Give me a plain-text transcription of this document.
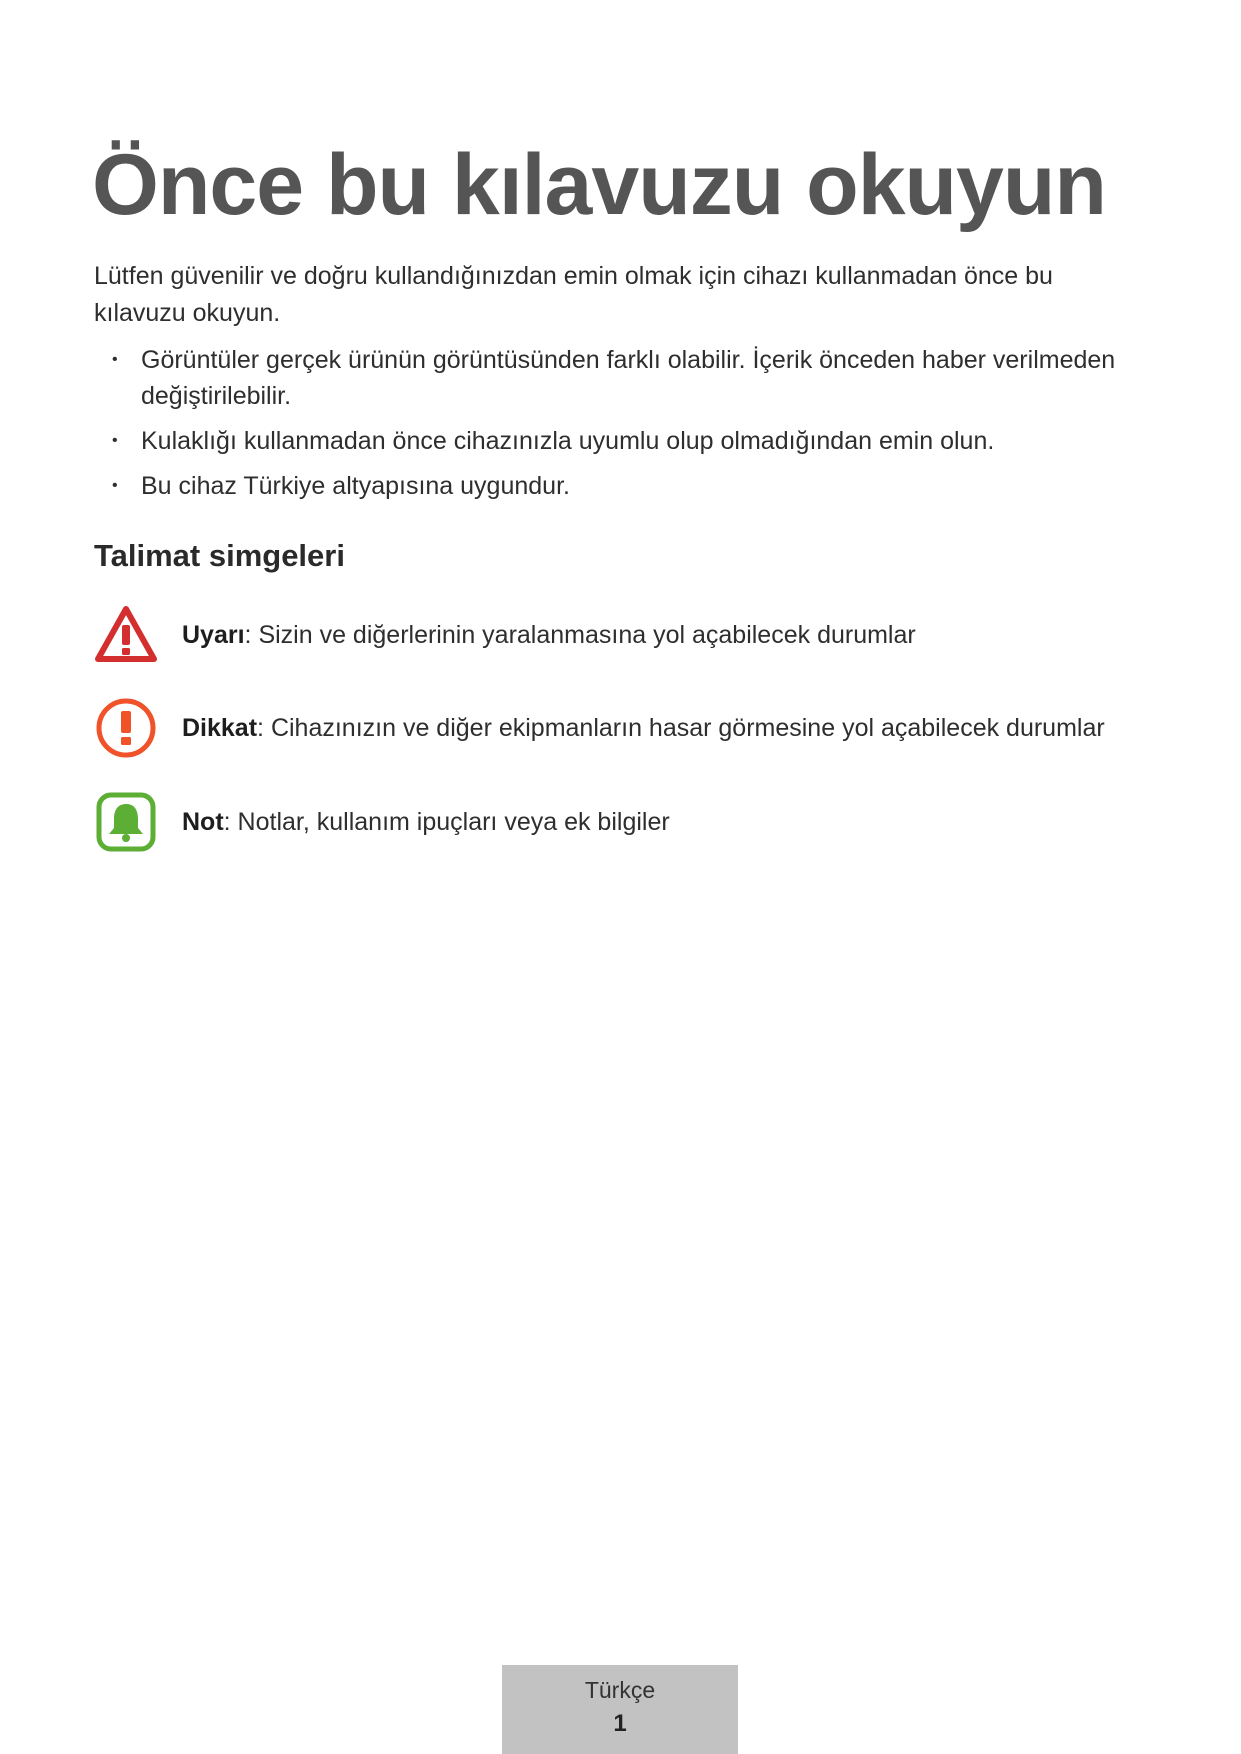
Önce bu kılavuzu okuyun

Lütfen güvenilir ve doğru kullandığınızdan emin olmak için cihazı kullanmadan önce bu kılavuzu okuyun.

• Görüntüler gerçek ürünün görüntüsünden farklı olabilir. İçerik önceden haber verilmeden değiştirilebilir.
• Kulaklığı kullanmadan önce cihazınızla uyumlu olup olmadığından emin olun.
• Bu cihaz Türkiye altyapısına uygundur.
Talimat simgeleri
Uyarı: Sizin ve diğerlerinin yaralanmasına yol açabilecek durumlar
Dikkat: Cihazınızın ve diğer ekipmanların hasar görmesine yol açabilecek durumlar
Not: Notlar, kullanım ipuçları veya ek bilgiler
Türkçe
1
